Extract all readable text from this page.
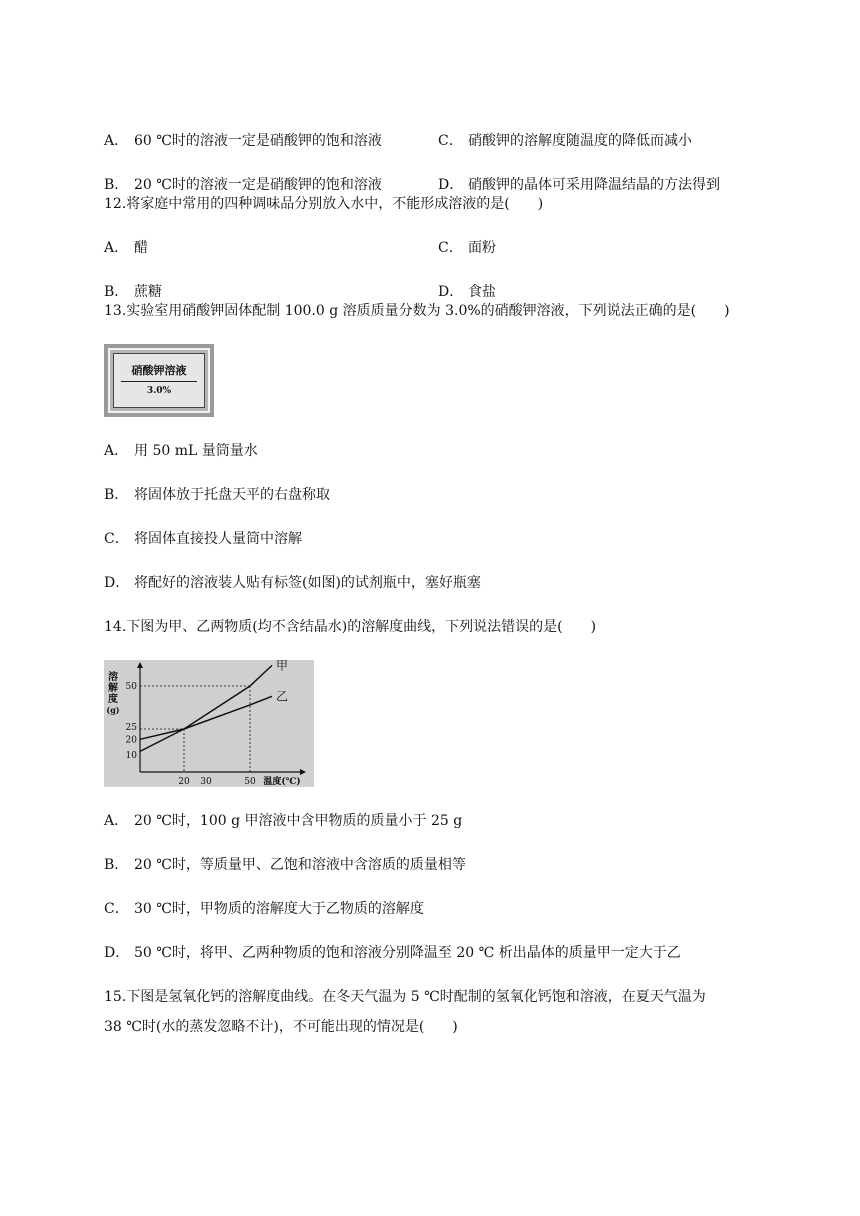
A． 60 ℃时的溶液一定是硝酸钾的饱和溶液	C． 硝酸钾的溶解度随温度的降低而减小
B． 20 ℃时的溶液一定是硝酸钾的饱和溶液	D． 硝酸钾的晶体可采用降温结晶的方法得到
12.将家庭中常用的四种调味品分别放入水中，不能形成溶液的是(　　)
A． 醋	C． 面粉
B． 蔗糖	D． 食盐
13.实验室用硝酸钾固体配制 100.0 g 溶质质量分数为 3.0%的硝酸钾溶液，下列说法正确的是(　　)
硝酸钾溶液
3.0%
A． 用 50 mL 量筒量水
B． 将固体放于托盘天平的右盘称取
C． 将固体直接投人量筒中溶解
D． 将配好的溶液装人贴有标签(如图)的试剂瓶中，塞好瓶塞
14.下图为甲、乙两物质(均不含结晶水)的溶解度曲线，下列说法错误的是(　　)
20 30	50
10
20
25
50
甲
乙
溶
解
度
(g)
温度(℃)
A． 20 ℃时，100 g 甲溶液中含甲物质的质量小于 25 g
B． 20 ℃时，等质量甲、乙饱和溶液中含溶质的质量相等
C． 30 ℃时，甲物质的溶解度大于乙物质的溶解度
D． 50 ℃时，将甲、乙两种物质的饱和溶液分别降温至 20 ℃ 析出晶体的质量甲一定大于乙
15.下图是氢氧化钙的溶解度曲线。在冬天气温为 5 ℃时配制的氢氧化钙饱和溶液，在夏天气温为
38 ℃时(水的蒸发忽略不计)，不可能出现的情况是(　　)
